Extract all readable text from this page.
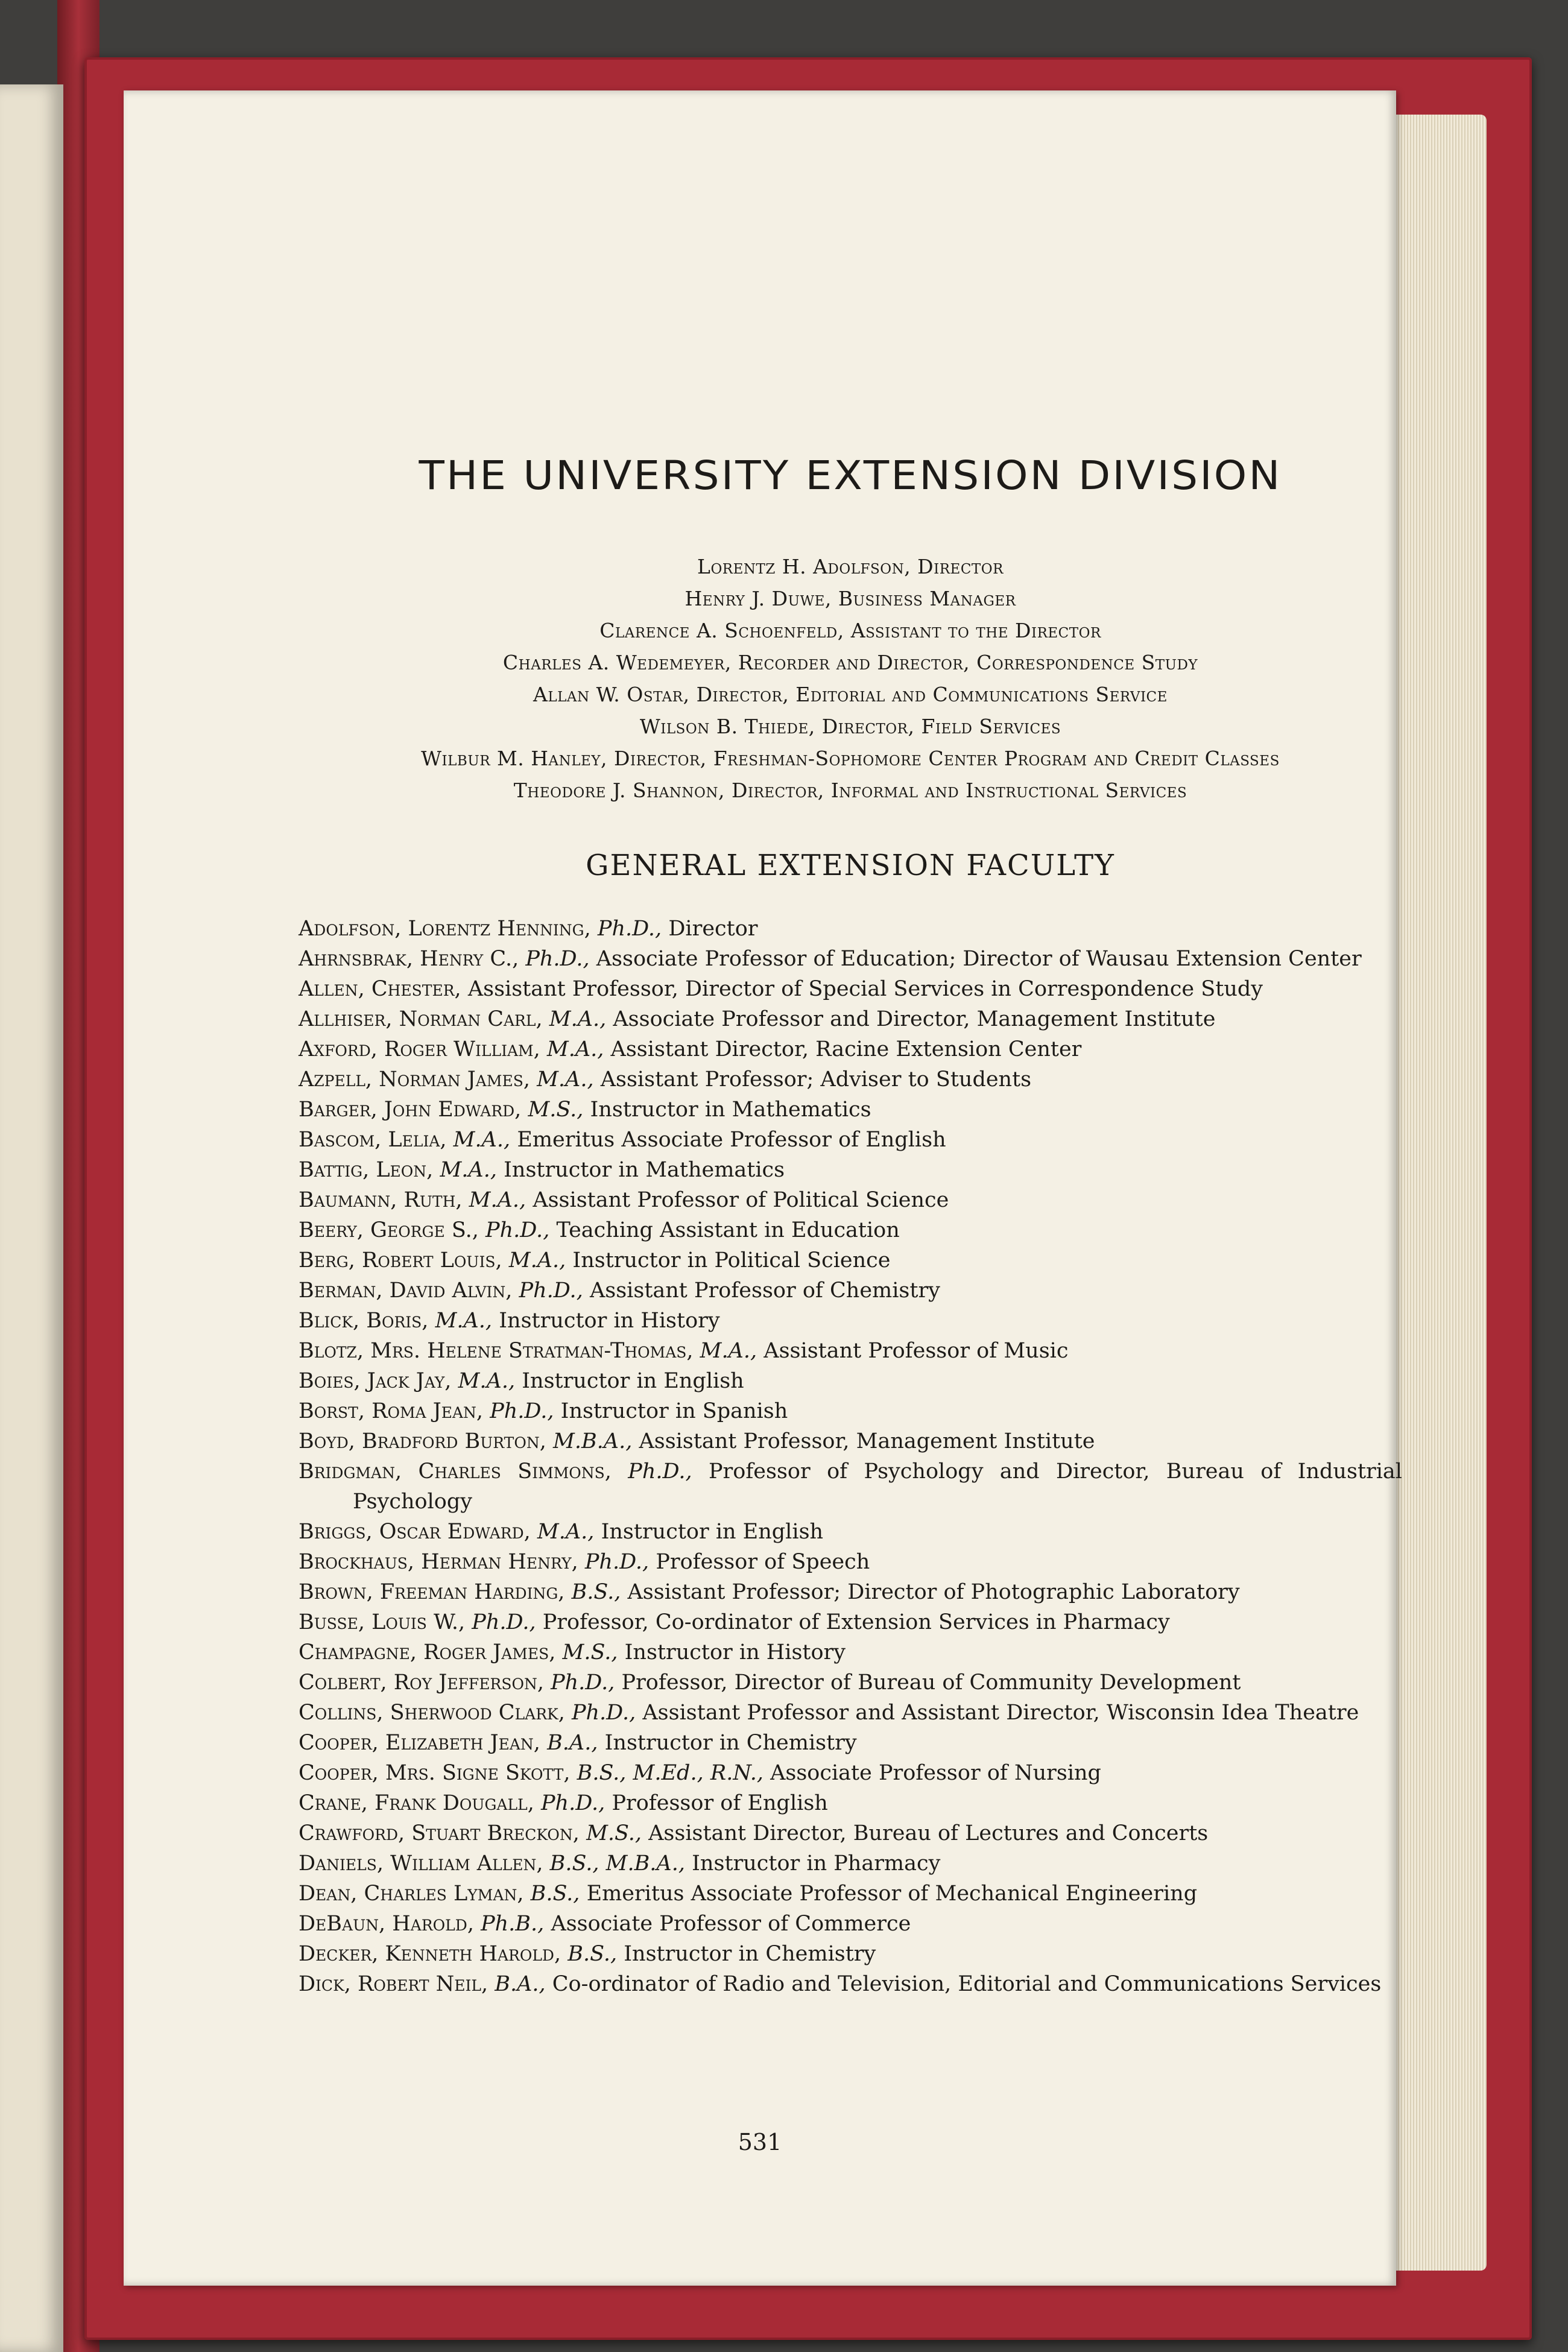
THE UNIVERSITY EXTENSION DIVISION
Lorentz H. Adolfson, Director
Henry J. Duwe, Business Manager
Clarence A. Schoenfeld, Assistant to the Director
Charles A. Wedemeyer, Recorder and Director, Correspondence Study
Allan W. Ostar, Director, Editorial and Communications Service
Wilson B. Thiede, Director, Field Services
Wilbur M. Hanley, Director, Freshman-Sophomore Center Program and Credit Classes
Theodore J. Shannon, Director, Informal and Instructional Services
GENERAL EXTENSION FACULTY
Adolfson, Lorentz Henning, Ph.D., Director
Ahrnsbrak, Henry C., Ph.D., Associate Professor of Education; Director of Wausau Extension Center
Allen, Chester, Assistant Professor, Director of Special Services in Correspondence Study
Allhiser, Norman Carl, M.A., Associate Professor and Director, Management Institute
Axford, Roger William, M.A., Assistant Director, Racine Extension Center
Azpell, Norman James, M.A., Assistant Professor; Adviser to Students
Barger, John Edward, M.S., Instructor in Mathematics
Bascom, Lelia, M.A., Emeritus Associate Professor of English
Battig, Leon, M.A., Instructor in Mathematics
Baumann, Ruth, M.A., Assistant Professor of Political Science
Beery, George S., Ph.D., Teaching Assistant in Education
Berg, Robert Louis, M.A., Instructor in Political Science
Berman, David Alvin, Ph.D., Assistant Professor of Chemistry
Blick, Boris, M.A., Instructor in History
Blotz, Mrs. Helene Stratman-Thomas, M.A., Assistant Professor of Music
Boies, Jack Jay, M.A., Instructor in English
Borst, Roma Jean, Ph.D., Instructor in Spanish
Boyd, Bradford Burton, M.B.A., Assistant Professor, Management Institute
Bridgman, Charles Simmons, Ph.D., Professor of Psychology and Director, Bureau of Industrial Psychology
Briggs, Oscar Edward, M.A., Instructor in English
Brockhaus, Herman Henry, Ph.D., Professor of Speech
Brown, Freeman Harding, B.S., Assistant Professor; Director of Photographic Laboratory
Busse, Louis W., Ph.D., Professor, Co-ordinator of Extension Services in Pharmacy
Champagne, Roger James, M.S., Instructor in History
Colbert, Roy Jefferson, Ph.D., Professor, Director of Bureau of Community Development
Collins, Sherwood Clark, Ph.D., Assistant Professor and Assistant Director, Wisconsin Idea Theatre
Cooper, Elizabeth Jean, B.A., Instructor in Chemistry
Cooper, Mrs. Signe Skott, B.S., M.Ed., R.N., Associate Professor of Nursing
Crane, Frank Dougall, Ph.D., Professor of English
Crawford, Stuart Breckon, M.S., Assistant Director, Bureau of Lectures and Concerts
Daniels, William Allen, B.S., M.B.A., Instructor in Pharmacy
Dean, Charles Lyman, B.S., Emeritus Associate Professor of Mechanical Engineering
DeBaun, Harold, Ph.B., Associate Professor of Commerce
Decker, Kenneth Harold, B.S., Instructor in Chemistry
Dick, Robert Neil, B.A., Co-ordinator of Radio and Television, Editorial and Communications Services
531
